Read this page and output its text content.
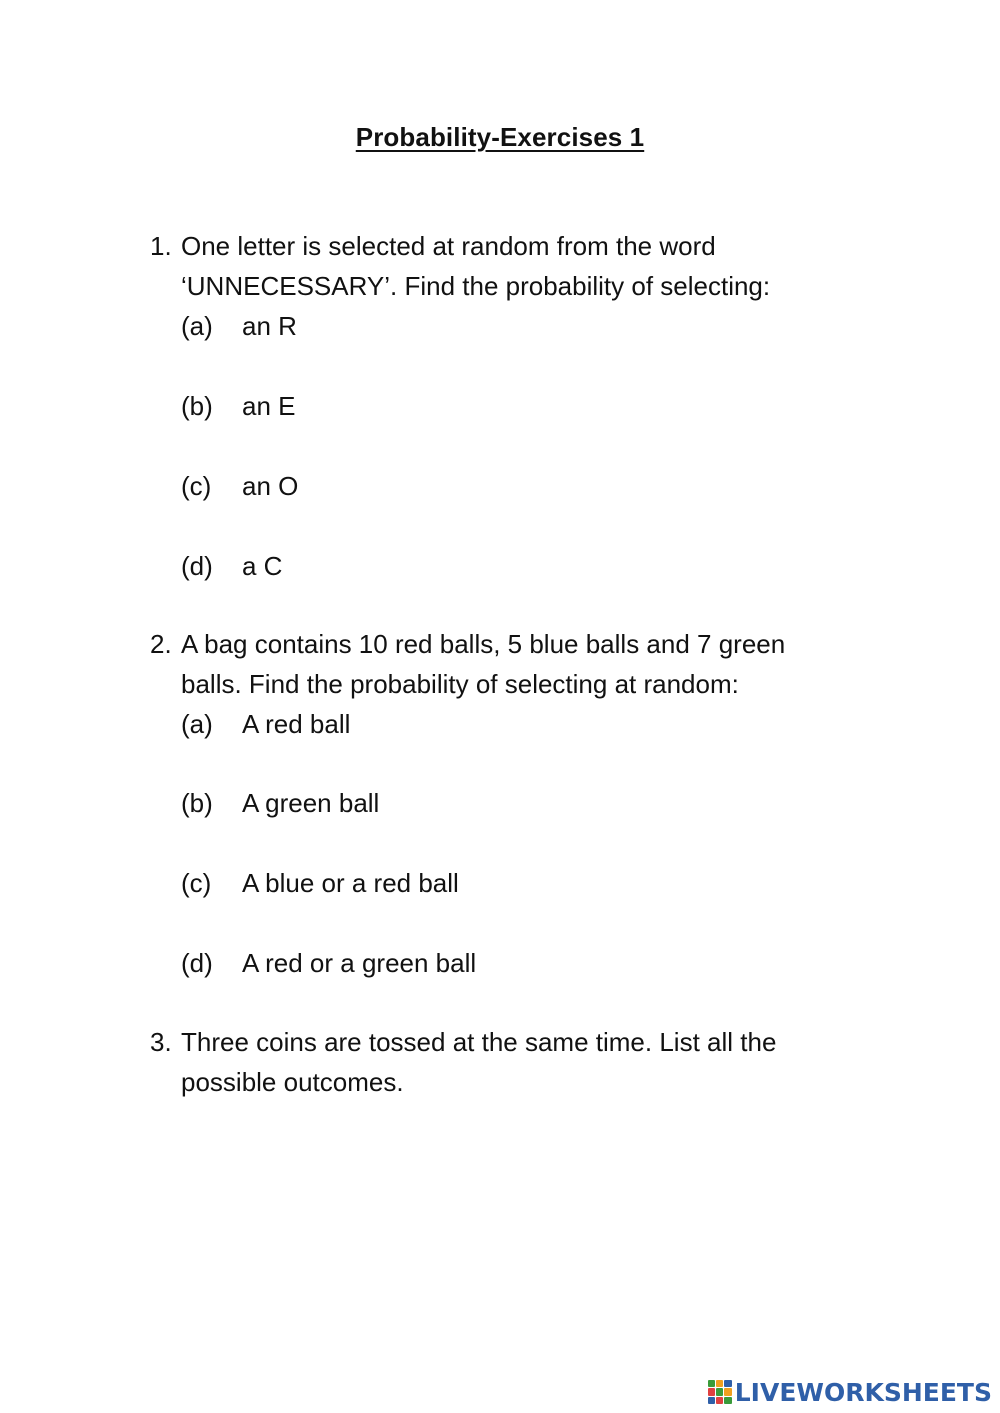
Probability-Exercises 1
1. One letter is selected at random from the word
‘UNNECESSARY’. Find the probability of selecting:
(a) an R
(b) an E
(c) an O
(d) a C
2. A bag contains 10 red balls, 5 blue balls and 7 green
balls. Find the probability of selecting at random:
(a) A red ball
(b) A green ball
(c) A blue or a red ball
(d) A red or a green ball
3. Three coins are tossed at the same time. List all the
possible outcomes.
LIVEWORKSHEETS
